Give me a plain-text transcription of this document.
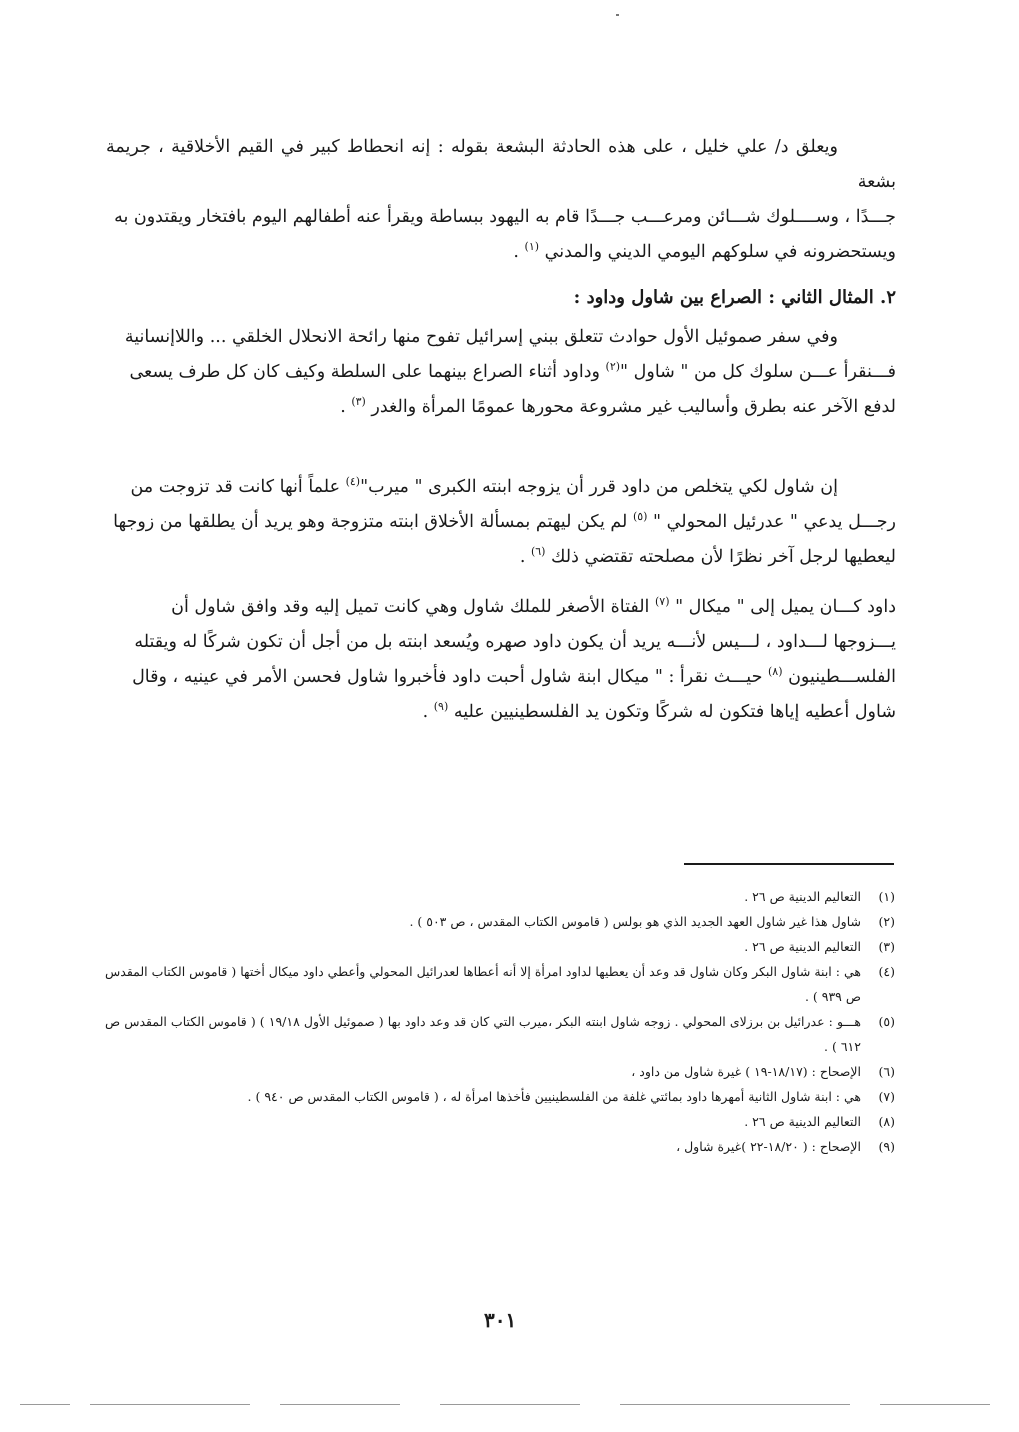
ويعلق د/ علي خليل ، على هذه الحادثة البشعة بقوله : إنه انحطاط كبير في القيم الأخلاقية ، جريمة بشعة
جـــدًا ، وســــلوك شـــائن ومرعـــب جـــدًا قام به اليهود ببساطة ويقرأ عنه أطفالهم اليوم بافتخار ويقتدون به
ويستحضرونه في سلوكهم اليومي الديني والمدني $^{(١)}$ .
٢. المثال الثاني : الصراع بين شاول وداود :
وفي سفر صموئيل الأول حوادث تتعلق ببني إسرائيل تفوح منها رائحة الانحلال الخلقي ... واللاإنسانية
فـــنقرأ عـــن سلوك كل من " شاول "$^{(٢)}$ وداود أثناء الصراع بينهما على السلطة وكيف كان كل طرف يسعى
لدفع الآخر عنه بطرق وأساليب غير مشروعة محورها عمومًا المرأة والغدر $^{(٣)}$ .
إن شاول لكي يتخلص من داود قرر أن يزوجه ابنته الكبرى " ميرب"$^{(٤)}$ علماً أنها كانت قد تزوجت من
رجـــل يدعي " عدرئيل المحولي " $^{(٥)}$ لم يكن ليهتم بمسألة الأخلاق ابنته متزوجة وهو يريد أن يطلقها من زوجها
ليعطيها لرجل آخر نظرًا لأن مصلحته تقتضي ذلك $^{(٦)}$ .
داود كـــان يميل إلى " ميكال " $^{(٧)}$ الفتاة الأصغر للملك شاول وهي كانت تميل إليه وقد وافق شاول أن
يـــزوجها لـــداود ، لـــيس لأنـــه يريد أن يكون داود صهره ويُسعد ابنته بل من أجل أن تكون شركًا له ويقتله
الفلســـطينيون $^{(٨)}$ حيـــث نقرأ : " ميكال ابنة شاول أحبت داود فأخبروا شاول فحسن الأمر في عينيه ، وقال
شاول أعطيه إياها فتكون له شركًا وتكون يد الفلسطينيين عليه $^{(٩)}$ .
(١)
التعاليم الدينية ص ٢٦ .
(٢)
شاول هذا غير شاول العهد الجديد الذي هو بولس ( قاموس الكتاب المقدس ، ص ٥٠٣ ) .
(٣)
التعاليم الدينية ص ٢٦ .
(٤)
هي : ابنة شاول البكر وكان شاول قد وعد أن يعطيها لداود امرأة إلا أنه أعطاها لعدرائيل المحولي وأعطي داود ميكال أختها ( قاموس الكتاب المقدس ص ٩٣٩ ) .
(٥)
هـــو : عدرائيل بن برزلاى المحولي . زوجه شاول ابنته البكر ،ميرب التي كان قد وعد داود بها ( صموئيل الأول ١٩/١٨ ) ( قاموس الكتاب المقدس ص ٦١٢ ) .
(٦)
الإصحاح : (١٨/١٧-١٩ ) غيرة شاول من داود ،
(٧)
هي : ابنة شاول الثانية أمهرها داود بمائتي غلفة من الفلسطينيين فأخذها امرأة له ، ( قاموس الكتاب المقدس ص ٩٤٠ ) .
(٨)
التعاليم الدينية ص ٢٦ .
(٩)
الإصحاح : ( ١٨/٢٠-٢٢ )غيرة شاول ،
٣٠١
